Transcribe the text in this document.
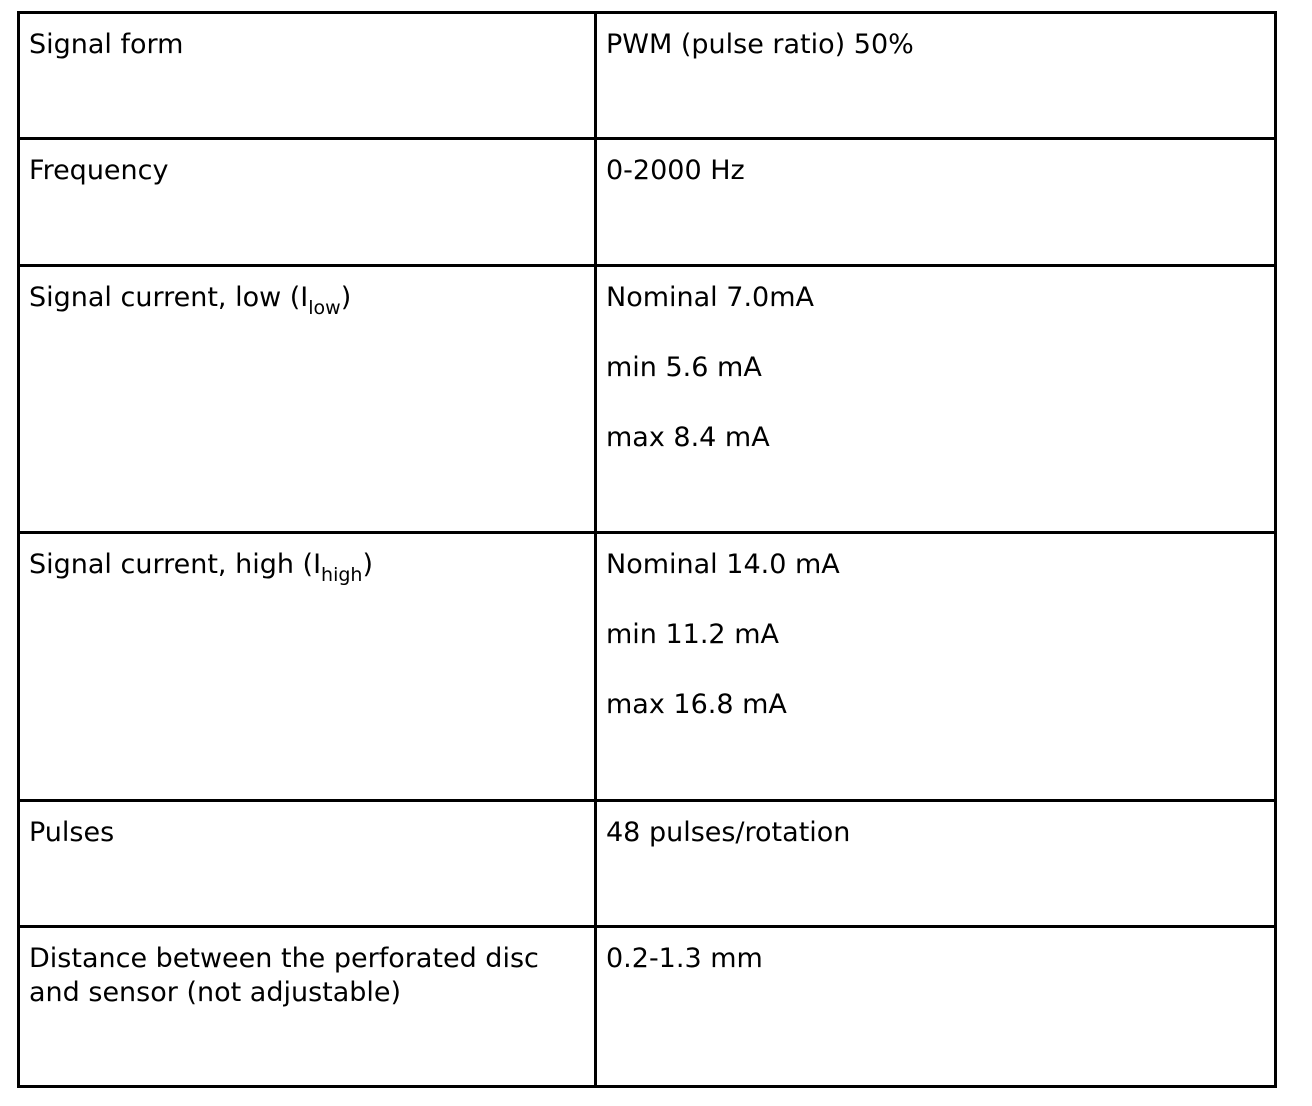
Signal form	PWM (pulse ratio) 50%

Frequency	0-2000 Hz

Signal current, low $(I_{low})$	Nominal 7.0mA
min 5.6 mA
max 8.4 mA

Signal current, high $(I_{high})$	Nominal 14.0 mA
min 11.2 mA
max 16.8 mA

Pulses	48 pulses/rotation

Distance between the perforated disc and sensor (not adjustable)	0.2-1.3 mm
